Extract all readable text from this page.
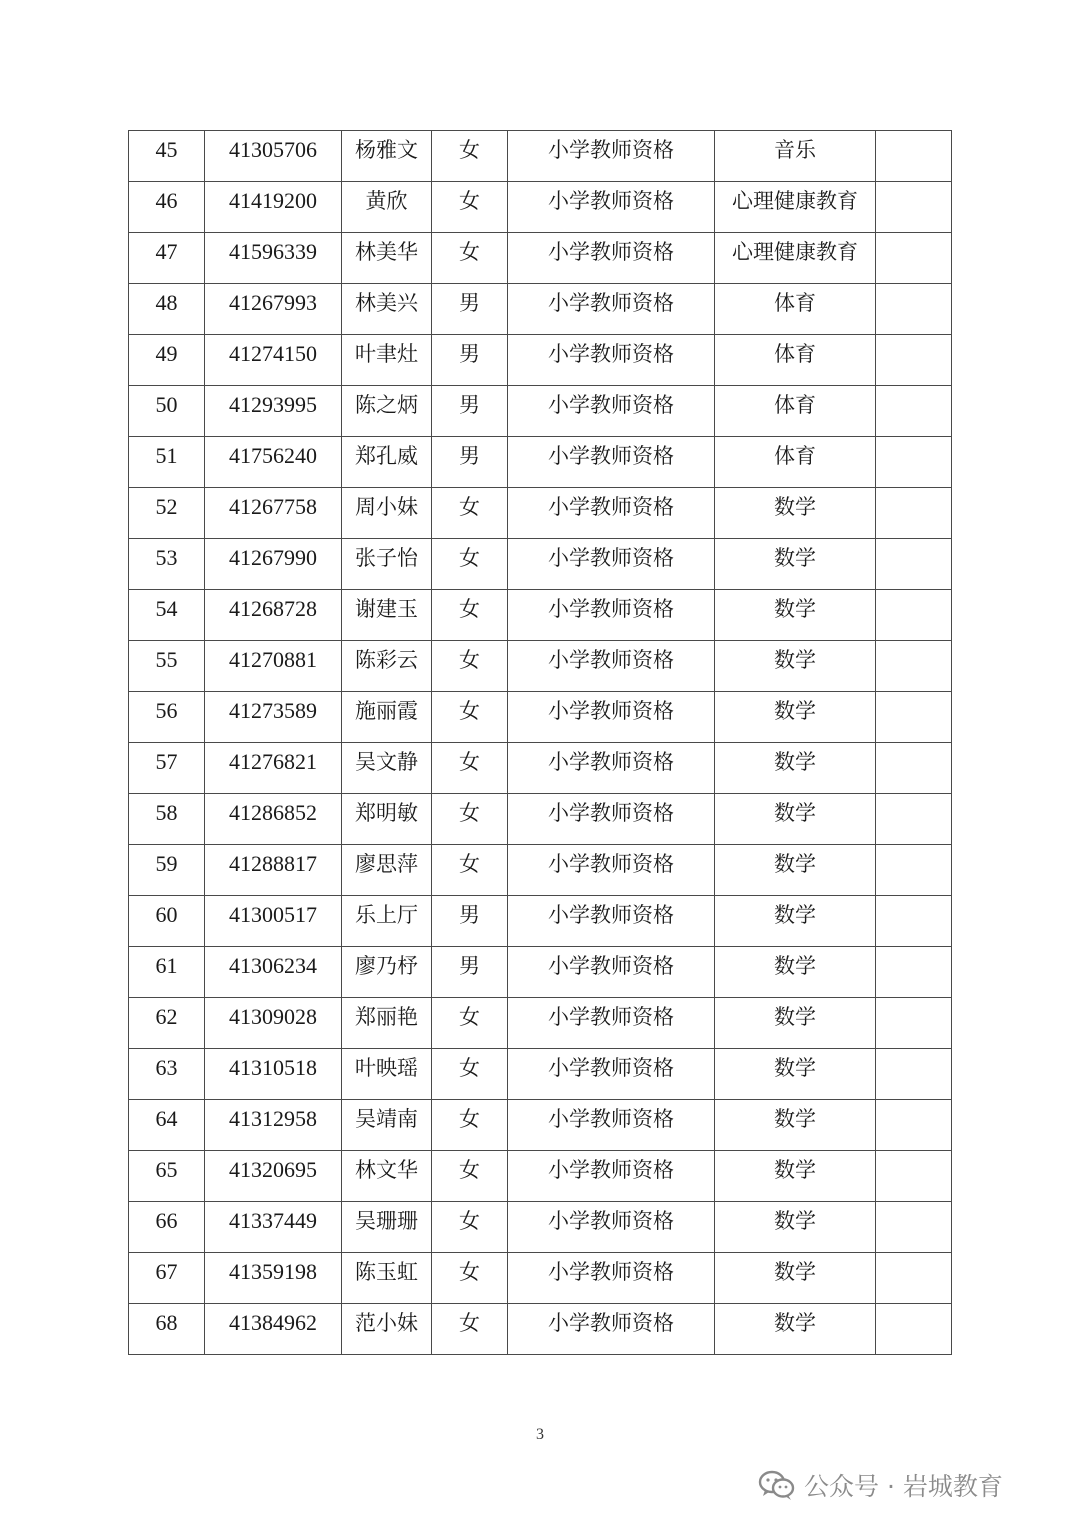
45	41305706	杨雅文	女	小学教师资格	音乐	
46	41419200	黄欣	女	小学教师资格	心理健康教育	
47	41596339	林美华	女	小学教师资格	心理健康教育	
48	41267993	林美兴	男	小学教师资格	体育	
49	41274150	叶聿灶	男	小学教师资格	体育	
50	41293995	陈之炳	男	小学教师资格	体育	
51	41756240	郑孔威	男	小学教师资格	体育	
52	41267758	周小妹	女	小学教师资格	数学	
53	41267990	张子怡	女	小学教师资格	数学	
54	41268728	谢建玉	女	小学教师资格	数学	
55	41270881	陈彩云	女	小学教师资格	数学	
56	41273589	施丽霞	女	小学教师资格	数学	
57	41276821	吴文静	女	小学教师资格	数学	
58	41286852	郑明敏	女	小学教师资格	数学	
59	41288817	廖思萍	女	小学教师资格	数学	
60	41300517	乐上厅	男	小学教师资格	数学	
61	41306234	廖乃杼	男	小学教师资格	数学	
62	41309028	郑丽艳	女	小学教师资格	数学	
63	41310518	叶映瑶	女	小学教师资格	数学	
64	41312958	吴靖南	女	小学教师资格	数学	
65	41320695	林文华	女	小学教师资格	数学	
66	41337449	吴珊珊	女	小学教师资格	数学	
67	41359198	陈玉虹	女	小学教师资格	数学	
68	41384962	范小妹	女	小学教师资格	数学	
3
公众号 · 岩城教育
